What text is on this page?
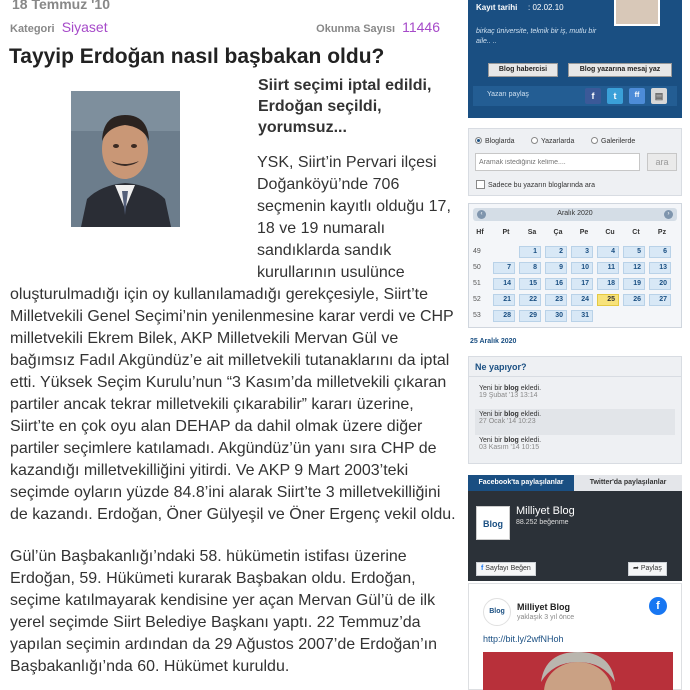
18 Temmuz '10
Kategori Siyaset	Okunma Sayısı 11446
Tayyip Erdoğan nasıl başbakan oldu?
Siirt seçimi iptal edildi, Erdoğan seçildi, yorumsuz...

YSK, Siirt’in Pervari ilçesi Doğanköyü’nde 706 seçmenin kayıtlı olduğu 17, 18 ve 19 numaralı sandıklarda sandık kurullarının usulünce oluşturulmadığı için oy kullanılamadığı gerekçesiyle, Siirt’te Milletvekili Genel Seçimi’nin yenilenmesine karar verdi ve CHP milletvekili Ekrem Bilek, AKP Milletvekili Mervan Gül ve bağımsız Fadıl Akgündüz’e ait milletvekili tutanaklarını da iptal etti. Yüksek Seçim Kurulu’nun “3 Kasım’da milletvekili çıkaran partiler ancak tekrar milletvekili çıkarabilir” kararı üzerine, Siirt’te en çok oyu alan DEHAP da dahil olmak üzere diğer partiler seçimlere katılamadı. Akgündüz’ün yanı sıra CHP de kazandığı milletvekilliğini yitirdi. Ve AKP 9 Mart 2003’teki seçimde oyların yüzde 84.8’ini alarak Siirt’te 3 milletvekilliğini de kazandı. Erdoğan, Öner Gülyeşil ve Öner Ergenç vekil oldu.

Gül’ün Başbakanlığı’ndaki 58. hükümetin istifası üzerine Erdoğan, 59. Hükümeti kurarak Başbakan oldu. Erdoğan, seçime katılmayarak kendisine yer açan Mervan Gül’ü de ilk yerel seçimde Siirt Belediye Başkanı yaptı. 22 Temmuz’da yapılan seçimin ardından da 29 Ağustos 2007’de Erdoğan’ın Başbakanlığı’nda 60. Hükümet kuruldu.

Kayıt tarihi : 02.02.10
birkaç üniversite, teknik bir iş, mutlu bir aile.. ..
Blog habercisi	Blog yazarına mesaj yaz
Yazarı paylaş	f	t	ff	▤
Bloglarda	Yazarlarda	Galerilerde
Aramak istediğiniz kelime....
ara
Sadece bu yazarın bloglarında ara
‹	Aralık 2020	›
Hf	Pt	Sa	Ça	Pe	Cu	Ct	Pz
49	1	2	3	4	5	6
50	7	8	9	10	11	12	13
51	14	15	16	17	18	19	20
52	21	22	23	24	25	26	27
53	28	29	30	31
25 Aralık 2020
Ne yapıyor?
Yeni bir blog ekledi.
19 Şubat '13 13:14
Yeni bir blog ekledi.
27 Ocak '14 10:23
Yeni bir blog ekledi.
03 Kasım '14 10:15
Facebook'ta paylaşılanlar	Twitter'da paylaşılanlar
Blog
Milliyet Blog
88.252 beğenme
f Sayfayı Beğen	➦ Paylaş
Blog	Milliyet Blog
yaklaşık 3 yıl önce
f
http://bit.ly/2wfNHoh
